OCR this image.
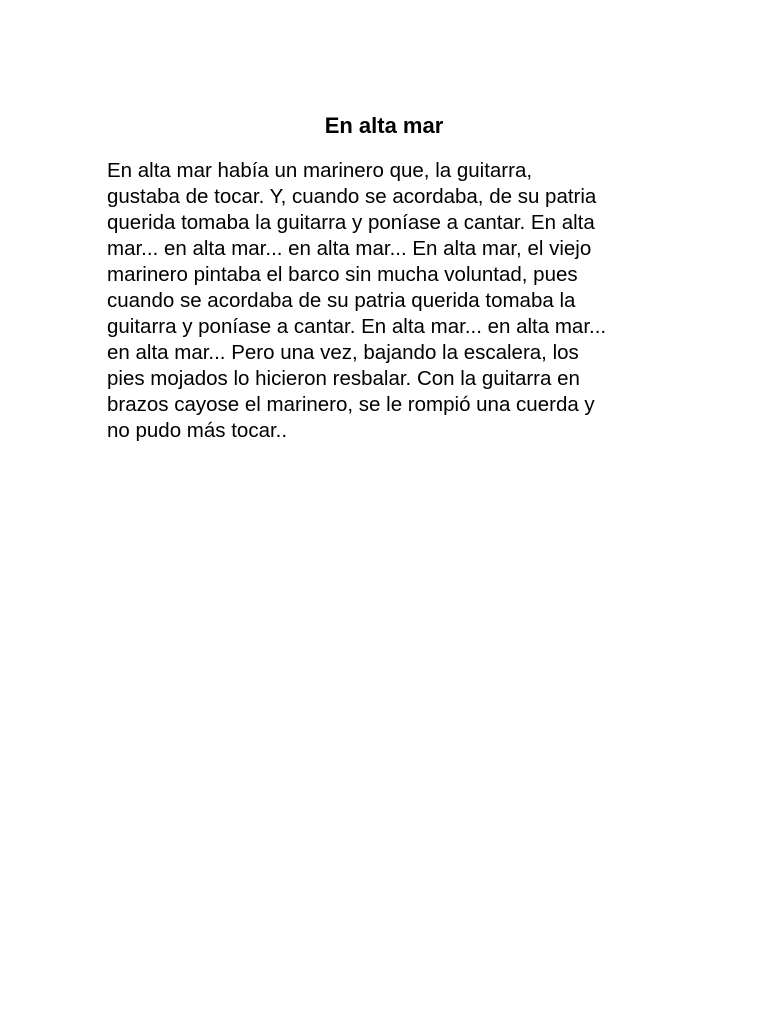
En alta mar
En alta mar había un marinero que, la guitarra,
gustaba de tocar. Y, cuando se acordaba, de su patria
querida tomaba la guitarra y poníase a cantar. En alta
mar... en alta mar... en alta mar... En alta mar, el viejo
marinero pintaba el barco sin mucha voluntad, pues
cuando se acordaba de su patria querida tomaba la
guitarra y poníase a cantar. En alta mar... en alta mar...
en alta mar... Pero una vez, bajando la escalera, los
pies mojados lo hicieron resbalar. Con la guitarra en
brazos cayose el marinero, se le rompió una cuerda y
no pudo más tocar..
